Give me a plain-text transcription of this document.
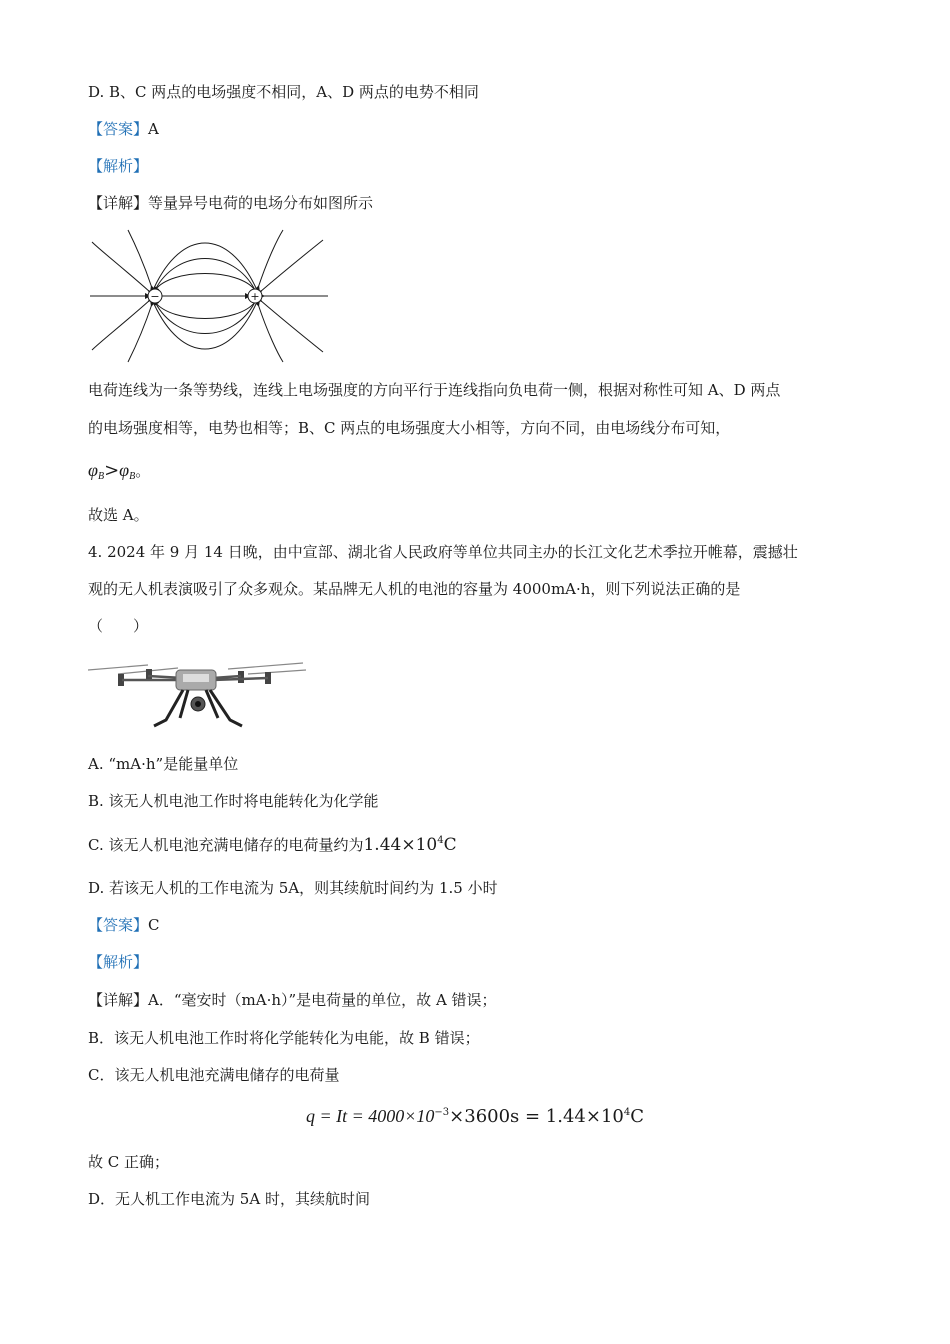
D. B、C 两点的电场强度不相同，A、D 两点的电势不相同
【答案】A
【解析】
【详解】等量异号电荷的电场分布如图所示
−	+
电荷连线为一条等势线，连线上电场强度的方向平行于连线指向负电荷一侧，根据对称性可知 A、D 两点
的电场强度相等，电势也相等；B、C 两点的电场强度大小相等，方向不同，由电场线分布可知，
$\varphi_B>\varphi_B$。
故选 A。
4. 2024 年 9 月 14 日晚，由中宣部、湖北省人民政府等单位共同主办的长江文化艺术季拉开帷幕，震撼壮
观的无人机表演吸引了众多观众。某品牌无人机的电池的容量为 4000mA·h，则下列说法正确的是
（　　）
A. “mA·h”是能量单位
B. 该无人机电池工作时将电能转化为化学能
C. 该无人机电池充满电储存的电荷量约为$1.44\times 10^4C$
D. 若该无人机的工作电流为 5A，则其续航时间约为 1.5 小时
【答案】C
【解析】
【详解】A．“毫安时（mA·h）”是电荷量的单位，故 A 错误；
B．该无人机电池工作时将化学能转化为电能，故 B 错误；
C．该无人机电池充满电储存的电荷量
$q = It = 4000\times 10^{-3}\times 3600s = 1.44\times 10^4C$
故 C 正确；
D．无人机工作电流为 5A 时，其续航时间
